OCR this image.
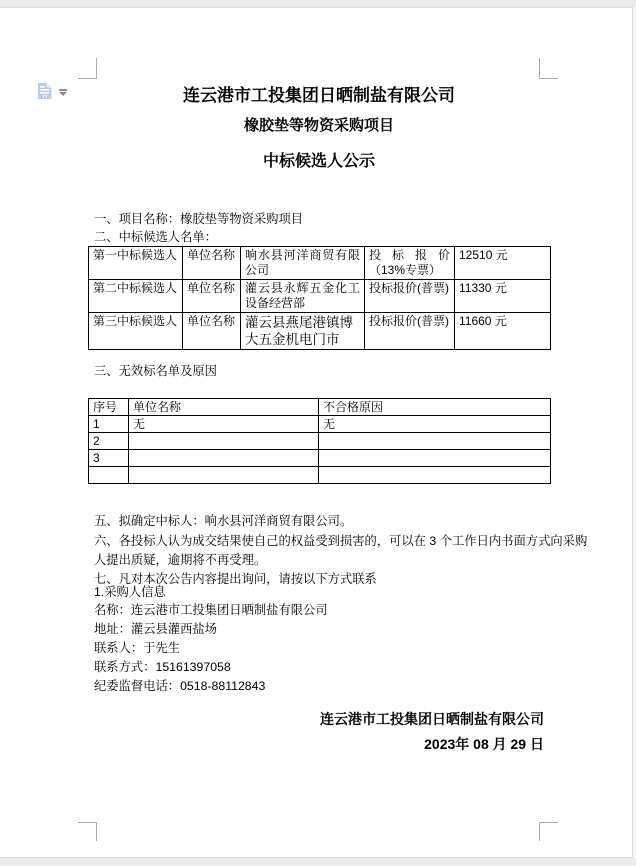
连云港市工投集团日晒制盐有限公司
橡胶垫等物资采购项目
中标候选人公示
一、项目名称：橡胶垫等物资采购项目
二、中标候选人名单：
第一中标候选人	单位名称	响水县河洋商贸有限公司	投标报价（13%专票）	12510 元
第二中标候选人	单位名称	灌云县永辉五金化工设备经营部	投标报价(普票)	11330 元
第三中标候选人	单位名称	灌云县燕尾港镇博大五金机电门市	投标报价(普票)	11660 元
三、无效标名单及原因
序号	单位名称	不合格原因
1	无	无
2		
3		

五、拟确定中标人：响水县河洋商贸有限公司。
六、各投标人认为成交结果使自己的权益受到损害的，可以在 3 个工作日内书面方式向采购
人提出质疑，逾期将不再受理。
七、凡对本次公告内容提出询问，请按以下方式联系
1.采购人信息
名称：连云港市工投集团日晒制盐有限公司
地址：灌云县灌西盐场
联系人：于先生
联系方式：15161397058
纪委监督电话：0518-88112843
连云港市工投集团日晒制盐有限公司
2023年 08 月 29 日
